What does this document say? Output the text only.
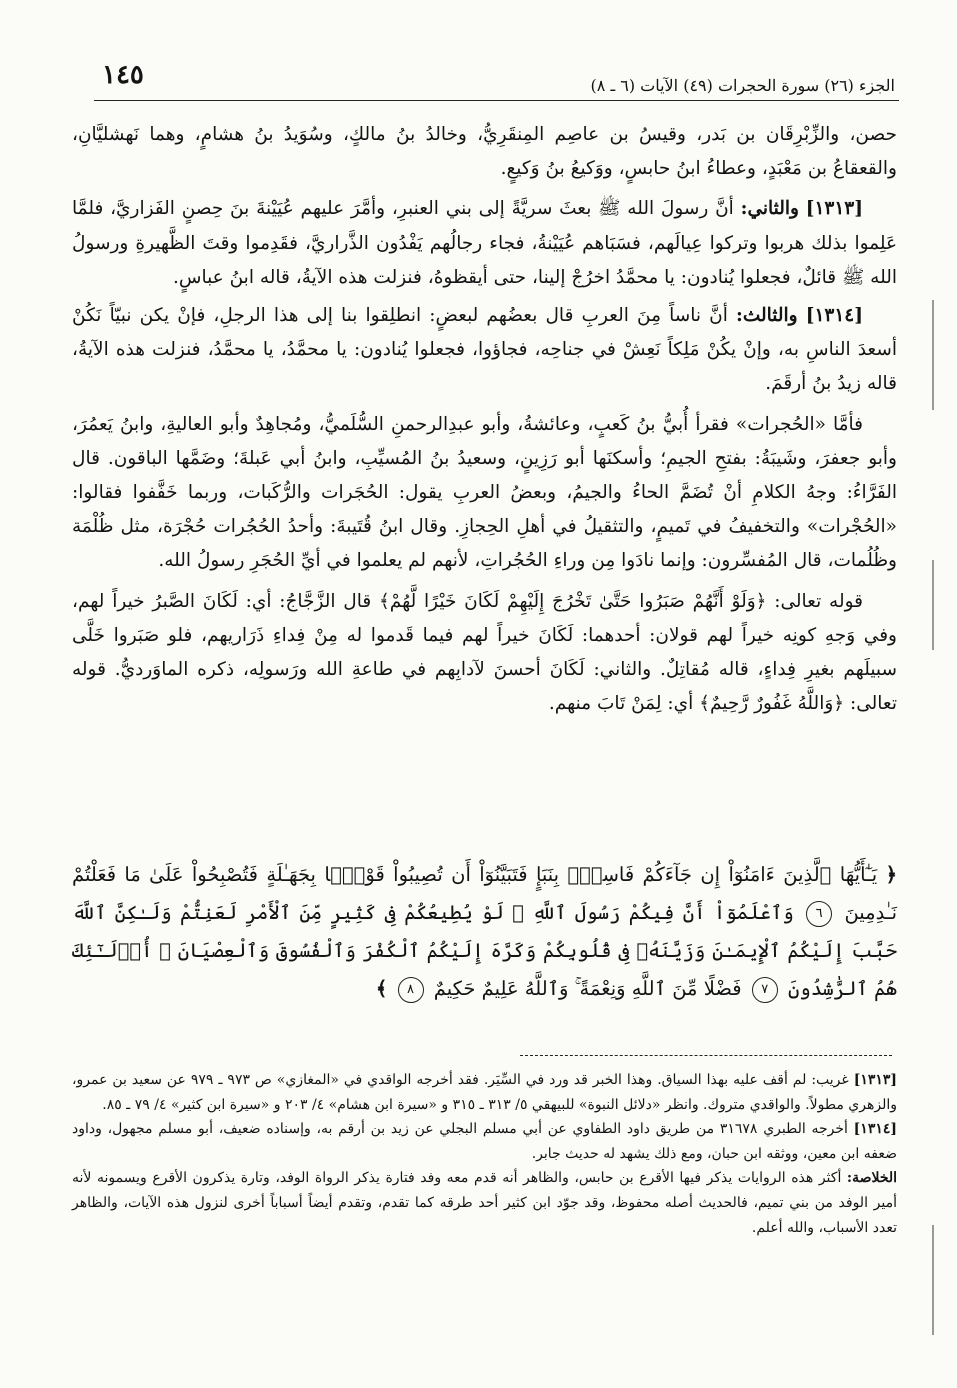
١٤٥	الجزء (٢٦) سورة الحجرات (٤٩) الآيات (٦ ـ ٨)

حصن، والزِّبْرِقَان بن بَدر، وقيسُ بن عاصِم المِنقَرِيُّ، وخالدُ بنُ مالكٍ، وسُوَيدُ بنُ هشامٍ، وهما نَهشليَّانِ، والقعقاعُ بن مَعْبَدٍ، وعطاءُ ابنُ حابسٍ، ووَكيعُ بنُ وَكيعٍ.

[١٣١٣] والثاني: أنَّ رسولَ الله ﷺ بعثَ سريَّةً إلى بني العنبرِ، وأمَّرَ عليهم عُيَيْنةَ بنَ حِصنٍ الفَزاريَّ، فلمَّا عَلِموا بذلك هربوا وتركوا عِيالَهم، فسَبَاهم عُيَيْنةُ، فجاء رجالُهم يَفْدُون الذَّراريَّ، فقَدِموا وقتَ الظَّهيرةِ ورسولُ الله ﷺ قائلٌ، فجعلوا يُنادون: يا محمَّدُ اخرُجْ إلينا، حتى أيقظوهُ، فنزلت هذه الآيةُ، قاله ابنُ عباسٍ.

[١٣١٤] والثالث: أنَّ ناساً مِنَ العربِ قال بعضُهم لبعضٍ: انطلِقوا بنا إلى هذا الرجلِ، فإنْ يكن نبيّاً نَكُنْ أسعدَ الناسِ به، وإنْ يكُنْ مَلِكاً نَعِشْ في جناحِه، فجاؤوا، فجعلوا يُنادون: يا محمَّدُ، يا محمَّدُ، فنزلت هذه الآيةُ، قاله زيدُ بنُ أرقَمَ.

فأمَّا «الحُجرات» فقرأ أُبيُّ بنُ كَعبٍ، وعائشةُ، وأبو عبدِالرحمنِ السُّلَميُّ، ومُجاهِدٌ وأبو العاليةِ، وابنُ يَعمُرَ، وأبو جعفرَ، وشَيبَةُ: بفتحِ الجيمِ؛ وأسكنَها أبو رَزِينٍ، وسعيدُ بنُ المُسيِّبِ، وابنُ أبي عَبلةَ؛ وضَمَّها الباقون. قال الفَرَّاءُ: وجهُ الكلامِ أنْ تُضَمَّ الحاءُ والجيمُ، وبعضُ العربِ يقول: الحُجَرات والرُّكَبات، وربما خَفَّفوا فقالوا: «الحُجْرات» والتخفيفُ في تَميمٍ، والتثقيلُ في أهلِ الحِجازِ. وقال ابنُ قُتَيبةَ: وأحدُ الحُجُرات حُجْرَة، مثل ظُلْمَة وظُلُمات، قال المُفسِّرون: وإنما نادَوا مِن وراءِ الحُجُراتِ، لأنهم لم يعلموا في أيِّ الحُجَرِ رسولُ الله.

قوله تعالى: ﴿وَلَوْ أَنَّهُمْ صَبَرُوا حَتَّىٰ تَخْرُجَ إِلَيْهِمْ لَكَانَ خَيْرًا لَّهُمْ﴾ قال الزَّجَّاجُ: أي: لَكَانَ الصَّبرُ خيراً لهم، وفي وَجهِ كونِه خيراً لهم قولان: أحدهما: لَكَانَ خيراً لهم فيما قَدموا له مِنْ فِداءِ ذَرَاريهم، فلو صَبَروا خَلَّى سبيلَهم بغيرِ فِداءٍ، قاله مُقاتِلٌ. والثاني: لَكَانَ أحسنَ لآدابِهم في طاعةِ الله ورَسولِه، ذكره الماوَرديُّ. قوله تعالى: ﴿وَاللَّهُ غَفُورٌ رَّحِيمٌ﴾ أي: لِمَنْ تَابَ منهم.

﴿ يَـٰٓأَيُّهَا ٱلَّذِينَ ءَامَنُوٓاْ إِن جَآءَكُمْ فَاسِقٌۢ بِنَبَإٍ فَتَبَيَّنُوٓاْ أَن تُصِيبُواْ قَوْمًۢا بِجَهَـٰلَةٍ فَتُصْبِحُواْ عَلَىٰ مَا فَعَلْتُمْ نَـٰدِمِينَ ٦ وَٱعْلَمُوٓاْ أَنَّ فِيكُمْ رَسُولَ ٱللَّهِ ۚ لَوْ يُطِيعُكُمْ فِى كَثِيرٍ مِّنَ ٱلْأَمْرِ لَعَنِتُّمْ وَلَـٰكِنَّ ٱللَّهَ حَبَّبَ إِلَيْكُمُ ٱلْإِيمَـٰنَ وَزَيَّنَهُۥ فِى قُلُوبِكُمْ وَكَرَّهَ إِلَيْكُمُ ٱلْكُفْرَ وَٱلْفُسُوقَ وَٱلْعِصْيَانَ ۚ أُو۟لَـٰٓئِكَ هُمُ ٱلرَّٰشِدُونَ ٧ فَضْلًا مِّنَ ٱللَّهِ وَنِعْمَةً ۚ وَٱللَّهُ عَلِيمٌ حَكِيمٌ ٨ ﴾

[١٣١٣] غريب: لم أقف عليه بهذا السياق. وهذا الخبر قد ورد في السِّيَر. فقد أخرجه الواقدي في «المغازي» ص ٩٧٣ ـ ٩٧٩ عن سعيد بن عمرو، والزهري مطولاً. والواقدي متروك. وانظر «دلائل النبوة» للبيهقي ٥/ ٣١٣ ـ ٣١٥ و «سيرة ابن هشام» ٤/ ٢٠٣ و «سيرة ابن كثير» ٤/ ٧٩ ـ ٨٥.

[١٣١٤] أخرجه الطبري ٣١٦٧٨ من طريق داود الطفاوي عن أبي مسلم البجلي عن زيد بن أرقم به، وإسناده ضعيف، أبو مسلم مجهول، وداود ضعفه ابن معين، ووثقه ابن حبان، ومع ذلك يشهد له حديث جابر.

الخلاصة: أكثر هذه الروايات يذكر فيها الأقرع بن حابس، والظاهر أنه قدم معه وفد فتارة يذكر الرواة الوفد، وتارة يذكرون الأقرع ويسمونه لأنه أمير الوفد من بني تميم، فالحديث أصله محفوظ، وقد جوّد ابن كثير أحد طرقه كما تقدم، وتقدم أيضاً أسباباً أخرى لنزول هذه الآيات، والظاهر تعدد الأسباب، والله أعلم.
